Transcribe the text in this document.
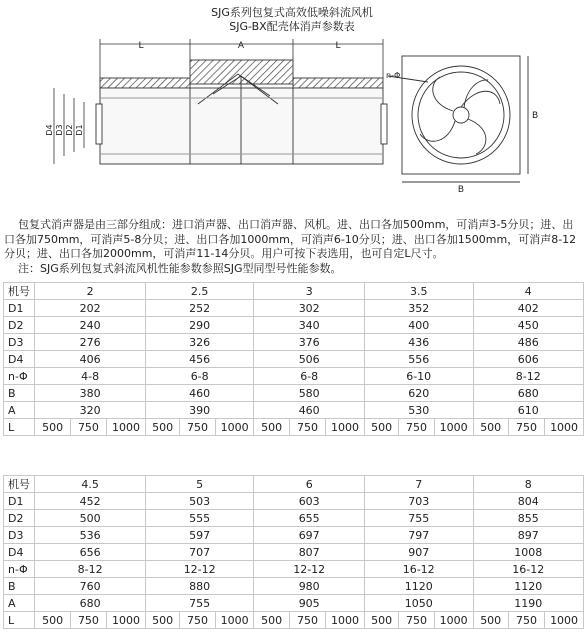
SJG系列包复式高效低噪斜流风机
SJG-BX配壳体消声参数表
L	A	L
D4 D3 D2 D1
n-Φ
B
B
包复式消声器是由三部分组成：进口消声器、出口消声器、风机。进、出口各加500mm，可消声3-5分贝；进、出口各加750mm，可消声5-8分贝；进、出口各加1000mm，可消声6-10分贝；进、出口各加1500mm，可消声8-12分贝；进、出口各加2000mm，可消声11-14分贝。用户可按下表选用，也可自定L尺寸。
注：SJG系列包复式斜流风机性能参数参照SJG型同型号性能参数。
机号	2			2.5			3			3.5			4		
D1	202			252			302			352			402		
D2	240			290			340			400			450		
D3	276			326			376			436			486		
D4	406			456			506			556			606		
n-Φ	4-8			6-8			6-8			6-10			8-12		
B	380			460			580			620			680		
A	320			390			460			530			610		
L	500	750	1000	500	750	1000	500	750	1000	500	750	1000	500	750	1000
机号	4.5			5			6			7			8		
D1	452			503			603			703			804		
D2	500			555			655			755			855		
D3	536			597			697			797			897		
D4	656			707			807			907			1008		
n-Φ	8-12			12-12			12-12			16-12			16-12		
B	760			880			980			1120			1120		
A	680			755			905			1050			1190		
L	500	750	1000	500	750	1000	500	750	1000	500	750	1000	500	750	1000
